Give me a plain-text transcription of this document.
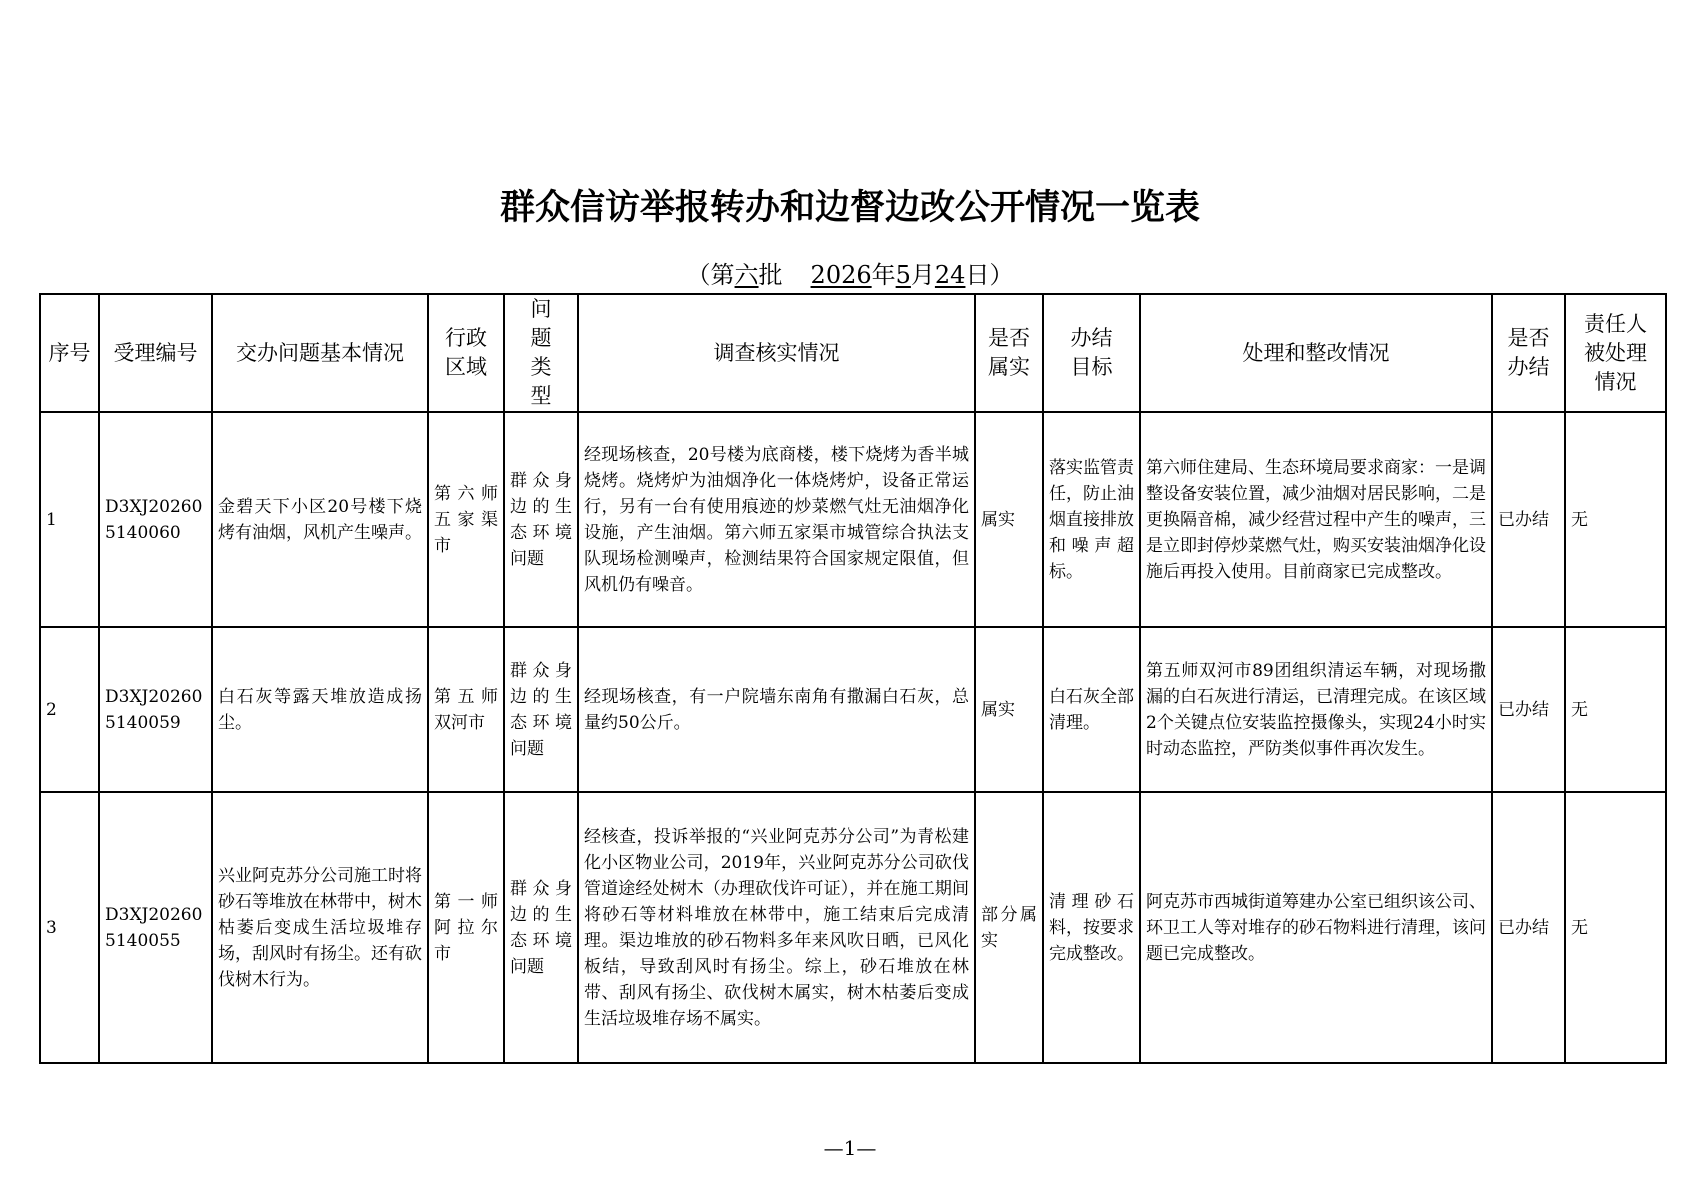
群众信访举报转办和边督边改公开情况一览表
（第六批 2026年5月24日）
序号	受理编号	交办问题基本情况	行政区域	问题类型	调查核实情况	是否属实	办结目标	处理和整改情况	是否办结	责任人被处理情况
1	D3XJ202605140060	金碧天下小区20号楼下烧烤有油烟，风机产生噪声。	第六师五家渠市	群众身边的生态环境问题	经现场核查，20号楼为底商楼，楼下烧烤为香半城烧烤。烧烤炉为油烟净化一体烧烤炉，设备正常运行，另有一台有使用痕迹的炒菜燃气灶无油烟净化设施，产生油烟。第六师五家渠市城管综合执法支队现场检测噪声，检测结果符合国家规定限值，但风机仍有噪音。	属实	落实监管责任，防止油烟直接排放和噪声超标。	第六师住建局、生态环境局要求商家：一是调整设备安装位置，减少油烟对居民影响，二是更换隔音棉，减少经营过程中产生的噪声，三是立即封停炒菜燃气灶，购买安装油烟净化设施后再投入使用。目前商家已完成整改。	已办结	无
2	D3XJ202605140059	白石灰等露天堆放造成扬尘。	第五师双河市	群众身边的生态环境问题	经现场核查，有一户院墙东南角有撒漏白石灰，总量约50公斤。	属实	白石灰全部清理。	第五师双河市89团组织清运车辆，对现场撒漏的白石灰进行清运，已清理完成。在该区域2个关键点位安装监控摄像头，实现24小时实时动态监控，严防类似事件再次发生。	已办结	无
3	D3XJ202605140055	兴业阿克苏分公司施工时将砂石等堆放在林带中，树木枯萎后变成生活垃圾堆存场，刮风时有扬尘。还有砍伐树木行为。	第一师阿拉尔市	群众身边的生态环境问题	经核查，投诉举报的“兴业阿克苏分公司”为青松建化小区物业公司，2019年，兴业阿克苏分公司砍伐管道途经处树木（办理砍伐许可证），并在施工期间将砂石等材料堆放在林带中，施工结束后完成清理。渠边堆放的砂石物料多年来风吹日晒，已风化板结，导致刮风时有扬尘。综上，砂石堆放在林带、刮风有扬尘、砍伐树木属实，树木枯萎后变成生活垃圾堆存场不属实。	部分属实	清理砂石料，按要求完成整改。	阿克苏市西城街道筹建办公室已组织该公司、环卫工人等对堆存的砂石物料进行清理，该问题已完成整改。	已办结	无
—1—
